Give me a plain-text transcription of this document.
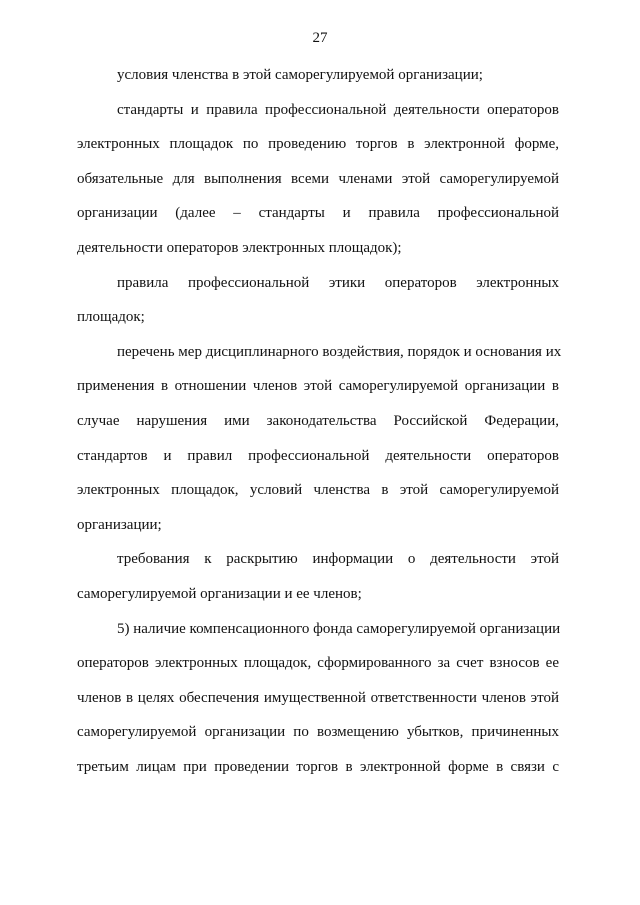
27
условия членства в этой саморегулируемой организации;
стандарты и правила профессиональной деятельности операторов
электронных площадок по проведению торгов в электронной форме,
обязательные для выполнения всеми членами этой саморегулируемой
организации (далее – стандарты и правила профессиональной
деятельности операторов электронных площадок);
правила профессиональной этики операторов электронных
площадок;
перечень мер дисциплинарного воздействия, порядок и основания их
применения в отношении членов этой саморегулируемой организации в
случае нарушения ими законодательства Российской Федерации,
стандартов и правил профессиональной деятельности операторов
электронных площадок, условий членства в этой саморегулируемой
организации;
требования к раскрытию информации о деятельности этой
саморегулируемой организации и ее членов;
5) наличие компенсационного фонда саморегулируемой организации
операторов электронных площадок, сформированного за счет взносов ее
членов в целях обеспечения имущественной ответственности членов этой
саморегулируемой организации по возмещению убытков, причиненных
третьим лицам при проведении торгов в электронной форме в связи с
